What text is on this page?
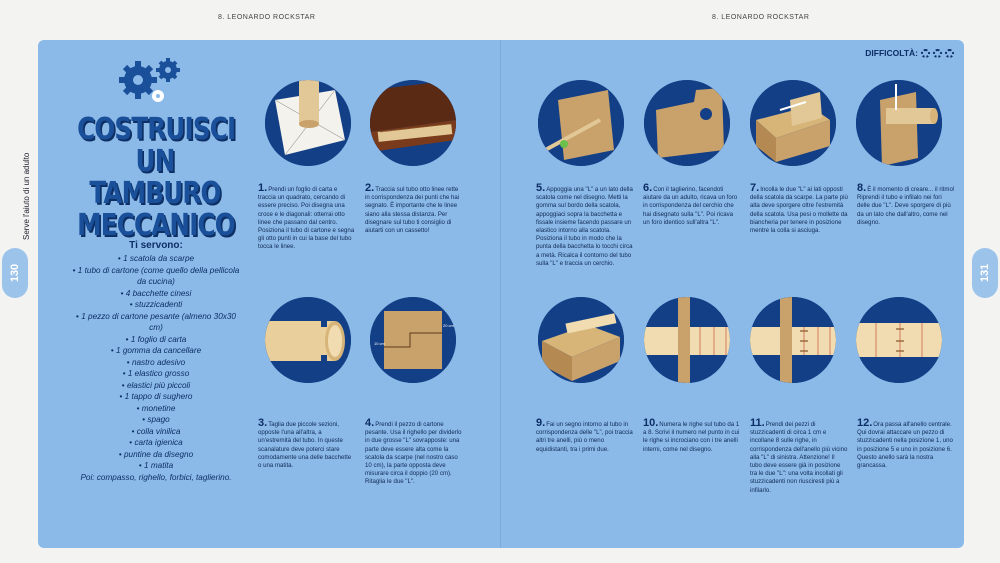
8. LEONARDO ROCKSTAR	8. LEONARDO ROCKSTAR
Serve l'aiuto di un adulto
130	131
COSTRUISCI
UN TAMBURO
MECCANICO
Ti servono:
• 1 scatola da scarpe
• 1 tubo di cartone (come quello della pellicola da cucina)
• 4 bacchette cinesi
• stuzzicadenti
• 1 pezzo di cartone pesante (almeno 30x30 cm)
• 1 foglio di carta
• 1 gomma da cancellare
• nastro adesivo
• 1 elastico grosso
• elastici più piccoli
• 1 tappo di sughero
• monetine
• spago
• colla vinilica
• carta igienica
• puntine da disegno
• 1 matita
Poi: compasso, righello, forbici, taglierino.
DIFFICOLTÀ:
10 cm
20 cm
1.Prendi un foglio di carta e traccia un quadrato, cercando di essere preciso. Poi disegna una croce e le diagonali: otterrai otto linee che passano dal centro. Posiziona il tubo di cartone e segna gli otto punti in cui la base del tubo tocca le linee.
2.Traccia sul tubo otto linee rette in corrispondenza dei punti che hai segnato. È importante che le linee siano alla stessa distanza. Per disegnare sul tubo ti consiglio di aiutarti con un cassetto!
3.Taglia due piccole sezioni, opposte l'una all'altra, a un'estremità del tubo. In queste scanalature deve poterci stare comodamente una delle bacchette o una matita.
4.Prendi il pezzo di cartone pesante. Usa il righello per dividerlo in due grosse "L" sovrapposte: una parte deve essere alta come la scatola da scarpe (nel nostro caso 10 cm), la parte opposta deve misurare circa il doppio (20 cm). Ritaglia le due "L".
5.Appoggia una "L" a un lato della scatola come nel disegno. Metti la gomma sul bordo della scatola, appoggiaci sopra la bacchetta e fissale insieme facendo passare un elastico intorno alla scatola. Posiziona il tubo in modo che la punta della bacchetta lo tocchi circa a metà. Ricalca il contorno del tubo sulla "L" e traccia un cerchio.
6.Con il taglierino, facendoti aiutare da un adulto, ricava un foro in corrispondenza del cerchio che hai disegnato sulla "L". Poi ricava un foro identico sull'altra "L".
7.Incolla le due "L" ai lati opposti della scatola da scarpe. La parte più alta deve sporgere oltre l'estremità della scatola. Usa pesi o mollette da biancheria per tenere in posizione mentre la colla si asciuga.
8.È il momento di creare... il ritmo! Riprendi il tubo e infilalo nei fori delle due "L". Deve sporgere di più da un lato che dall'altro, come nel disegno.
9.Fai un segno intorno al tubo in corrispondenza delle "L", poi traccia altri tre anelli, più o meno equidistanti, tra i primi due.
10.Numera le righe sul tubo da 1 a 8. Scrivi il numero nel punto in cui le righe si incrociano con i tre anelli interni, come nel disegno.
11.Prendi dei pezzi di stuzzicadenti di circa 1 cm e incollane 8 sulle righe, in corrispondenza dell'anello più vicino alla "L" di sinistra. Attenzione! Il tubo deve essere già in posizione tra le due "L": una volta incollati gli stuzzicadenti non riusciresti più a infilarlo.
12.Ora passa all'anello centrale. Qui dovrai attaccare un pezzo di stuzzicadenti nella posizione 1, uno in posizione 5 e uno in posizione 6. Questo anello sarà la nostra grancassa.
